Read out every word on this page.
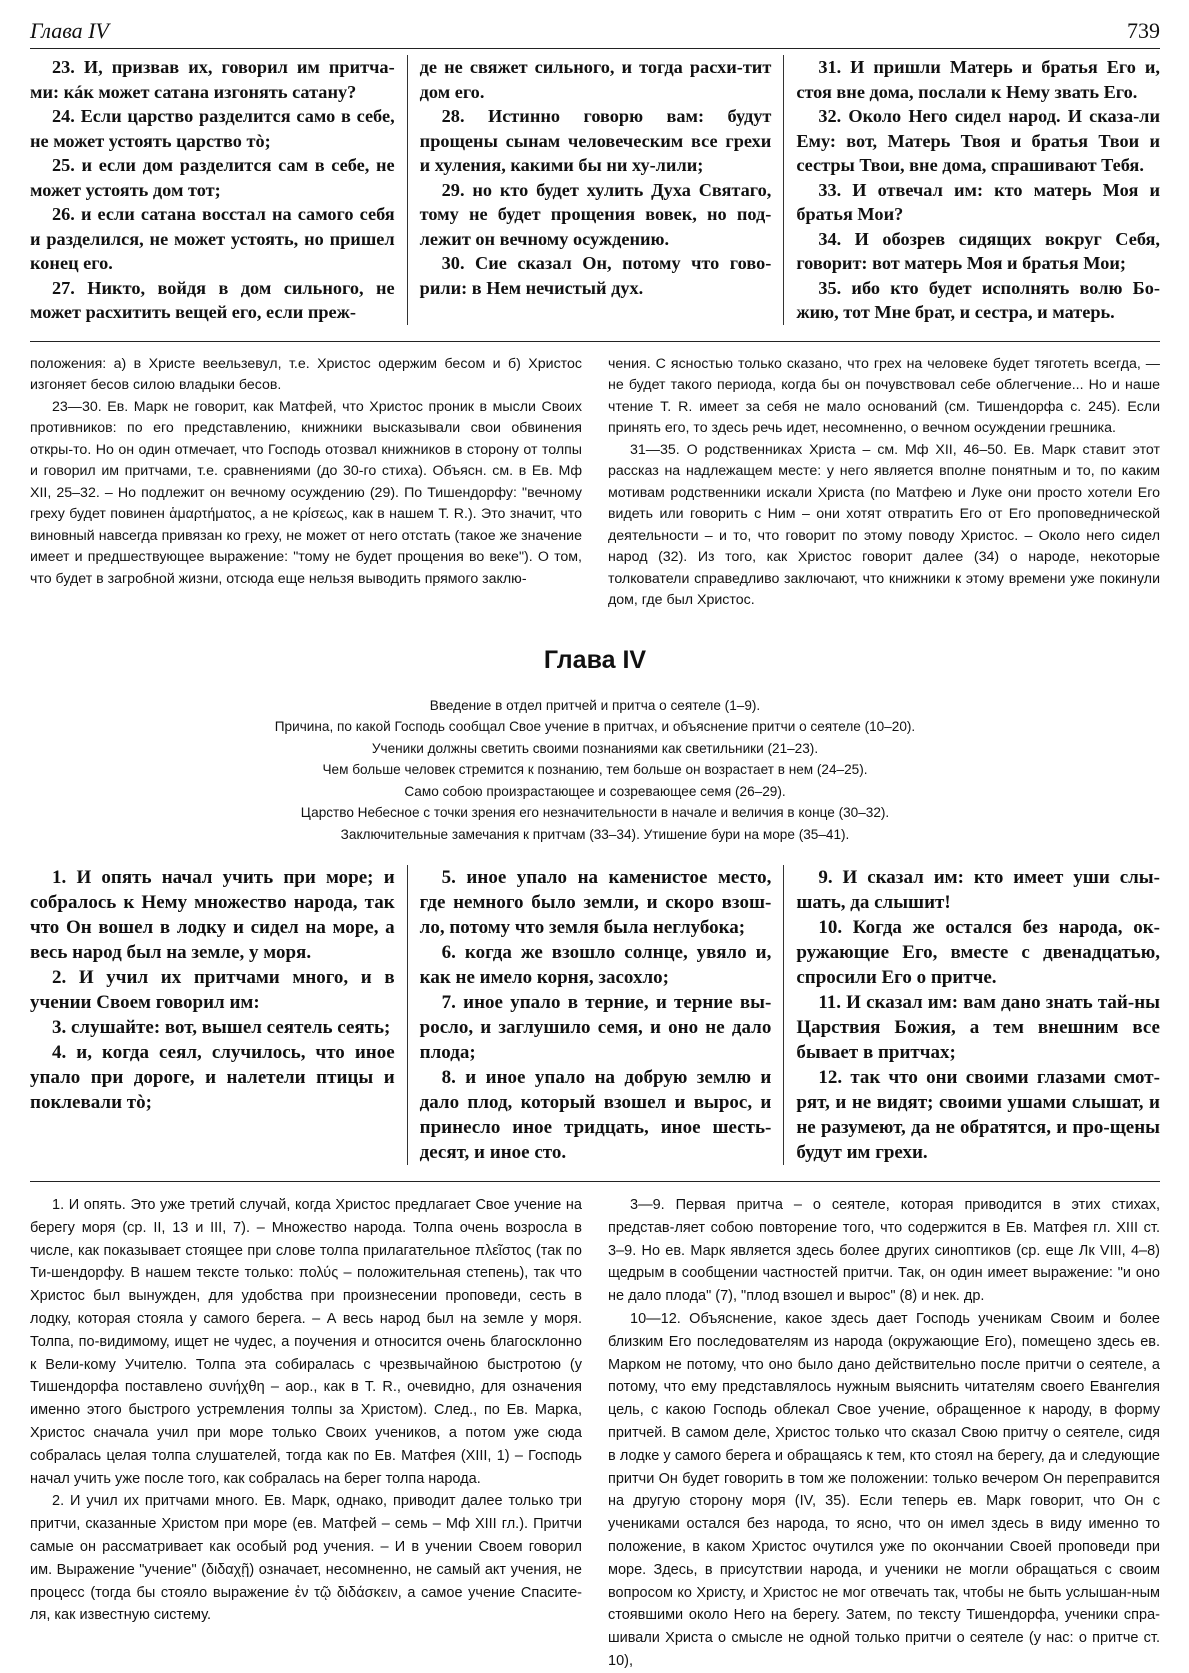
Глава IV	739

23. И, призвав их, говорил им притча-ми: кáк может сатана изгонять сатану?

24. Если царство разделится само в себе, не может устоять царство тò;

25. и если дом разделится сам в себе, не может устоять дом тот;

26. и если сатана восстал на самого себя и разделился, не может устоять, но пришел конец его.

27. Никто, войдя в дом сильного, не может расхитить вещей его, если преж-

де не свяжет сильного, и тогда расхи-тит дом его.

28. Истинно говорю вам: будут прощены сынам человеческим все грехи и хуления, какими бы ни ху-лили;

29. но кто будет хулить Духа Святаго, тому не будет прощения вовек, но под-лежит он вечному осуждению.

30. Сие сказал Он, потому что гово-рили: в Нем нечистый дух.

31. И пришли Матерь и братья Его и, стоя вне дома, послали к Нему звать Его.

32. Около Него сидел народ. И сказа-ли Ему: вот, Матерь Твоя и братья Твои и сестры Твои, вне дома, спрашивают Тебя.

33. И отвечал им: кто матерь Моя и братья Мои?

34. И обозрев сидящих вокруг Себя, говорит: вот матерь Моя и братья Мои;

35. ибо кто будет исполнять волю Бо-жию, тот Мне брат, и сестра, и матерь.

положения: а) в Христе веельзевул, т.е. Христос одержим бесом и б) Христос изгоняет бесов силою владыки бесов.

23—30. Ев. Марк не говорит, как Матфей, что Христос проник в мысли Своих противников: по его представлению, книжники высказывали свои обвинения откры-то. Но он один отмечает, что Господь отозвал книжников в сторону от толпы и говорил им притчами, т.е. сравнениями (до 30-го стиха). Объясн. см. в Ев. Мф XII, 25–32. – Но подлежит он вечному осуждению (29). По Тишендорфу: "вечному греху будет повинен ἁμαρτήματος, а не κρίσεως, как в нашем Т. R.). Это значит, что виновный навсегда привязан ко греху, не может от него отстать (такое же значение имеет и предшествующее выражение: "тому не будет прощения во веке"). О том, что будет в загробной жизни, отсюда еще нельзя выводить прямого заклю-

чения. С ясностью только сказано, что грех на человеке будет тяготеть всегда, —не будет такого периода, когда бы он почувствовал себе облегчение... Но и наше чтение Т. R. имеет за себя не мало оснований (см. Тишендорфа с. 245). Если принять его, то здесь речь идет, несомненно, о вечном осуждении грешника.

31—35. О родственниках Христа – см. Мф XII, 46–50. Ев. Марк ставит этот рассказ на надлежащем месте: у него является вполне понятным и то, по каким мотивам родственники искали Христа (по Матфею и Луке они просто хотели Его видеть или говорить с Ним – они хотят отвратить Его от Его проповеднической деятельности – и то, что говорит по этому поводу Христос. – Около него сидел народ (32). Из того, как Христос говорит далее (34) о народе, некоторые толкователи справедливо заключают, что книжники к этому времени уже покинули дом, где был Христос.

Глава IV
Введение в отдел притчей и притча о сеятеле (1–9).
Причина, по какой Господь сообщал Свое учение в притчах, и объяснение притчи о сеятеле (10–20).
Ученики должны светить своими познаниями как светильники (21–23).
Чем больше человек стремится к познанию, тем больше он возрастает в нем (24–25).
Само собою произрастающее и созревающее семя (26–29).
Царство Небесное с точки зрения его незначительности в начале и величия в конце (30–32).
Заключительные замечания к притчам (33–34). Утишение бури на море (35–41).

1. И опять начал учить при море; и собралось к Нему множество народа, так что Он вошел в лодку и сидел на море, а весь народ был на земле, у моря.

2. И учил их притчами много, и в учении Своем говорил им:

3. слушайте: вот, вышел сеятель сеять;

4. и, когда сеял, случилось, что иное упало при дороге, и налетели птицы и поклевали тò;

5. иное упало на каменистое место, где немного было земли, и скоро взош-ло, потому что земля была неглубока;

6. когда же взошло солнце, увяло и, как не имело корня, засохло;

7. иное упало в терние, и терние вы-росло, и заглушило семя, и оно не дало плода;

8. и иное упало на добрую землю и дало плод, который взошел и вырос, и принесло иное тридцать, иное шесть-десят, и иное сто.

9. И сказал им: кто имеет уши слы-шать, да слышит!

10. Когда же остался без народа, ок-ружающие Его, вместе с двенадцатью, спросили Его о притче.

11. И сказал им: вам дано знать тай-ны Царствия Божия, а тем внешним все бывает в притчах;

12. так что они своими глазами смот-рят, и не видят; своими ушами слышат, и не разумеют, да не обратятся, и про-щены будут им грехи.

1. И опять. Это уже третий случай, когда Христос предлагает Свое учение на берегу моря (ср. II, 13 и III, 7). – Множество народа. Толпа очень возросла в числе, как показывает стоящее при слове толпа прилагательное πλεῖστος (так по Ти-шендорфу. В нашем тексте только: πολύς – положительная степень), так что Христос был вынужден, для удобства при произнесении проповеди, сесть в лодку, которая стояла у самого берега. – А весь народ был на земле у моря. Толпа, по-видимому, ищет не чудес, а поучения и относится очень благосклонно к Вели-кому Учителю. Толпа эта собиралась с чрезвычайною быстротою (у Тишендорфа поставлено συνήχθη – аор., как в Т. R., очевидно, для означения именно этого быстрого устремления толпы за Христом). След., по Ев. Марка, Христос сначала учил при море только Своих учеников, а потом уже сюда собралась целая толпа слушателей, тогда как по Ев. Матфея (XIII, 1) – Господь начал учить уже после того, как собралась на берег толпа народа.

2. И учил их притчами много. Ев. Марк, однако, приводит далее только три притчи, сказанные Христом при море (ев. Матфей – семь – Мф XIII гл.). Притчи самые он рассматривает как особый род учения. – И в учении Своем говорил им. Выражение "учение" (διδαχῇ) означает, несомненно, не самый акт учения, не процесс (тогда бы стояло выражение ἐν τῷ διδάσκειν, а самое учение Спасите-ля, как известную систему.

3—9. Первая притча – о сеятеле, которая приводится в этих стихах, представ-ляет собою повторение того, что содержится в Ев. Матфея гл. XIII ст. 3–9. Но ев. Марк является здесь более других синоптиков (ср. еще Лк VIII, 4–8) щедрым в сообщении частностей притчи. Так, он один имеет выражение: "и оно не дало плода" (7), "плод взошел и вырос" (8) и нек. др.

10—12. Объяснение, какое здесь дает Господь ученикам Своим и более близким Его последователям из народа (окружающие Его), помещено здесь ев. Марком не потому, что оно было дано действительно после притчи о сеятеле, а потому, что ему представлялось нужным выяснить читателям своего Евангелия цель, с какою Господь облекал Свое учение, обращенное к народу, в форму притчей. В самом деле, Христос только что сказал Свою притчу о сеятеле, сидя в лодке у самого берега и обращаясь к тем, кто стоял на берегу, да и следующие притчи Он будет говорить в том же положении: только вечером Он переправится на другую сторону моря (IV, 35). Если теперь ев. Марк говорит, что Он с учениками остался без народа, то ясно, что он имел здесь в виду именно то положение, в каком Христос очутился уже по окончании Своей проповеди при море. Здесь, в присутствии народа, и ученики не могли обращаться с своим вопросом ко Христу, и Христос не мог отвечать так, чтобы не быть услышан-ным стоявшими около Него на берегу. Затем, по тексту Тишендорфа, ученики спра-шивали Христа о смысле не одной только притчи о сеятеле (у нас: о притче ст. 10),
